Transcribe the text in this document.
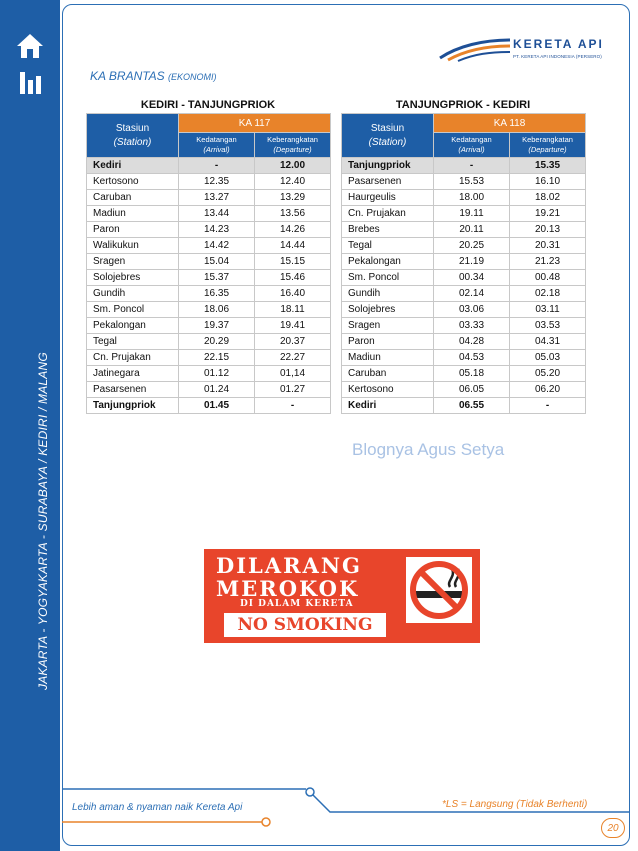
JAKARTA - YOGYAKARTA - SURABAYA / KEDIRI / MALANG
KA BRANTAS (EKONOMI)
KERETA API
PT. KERETA API INDONESIA (PERSERO)
KEDIRI - TANJUNGPRIOK
Stasiun
(Station)	KA 117	
	Kedatangan
(Arrival)	Keberangkatan
(Departure)
Kediri	-	12.00
Kertosono	12.35	12.40
Caruban	13.27	13.29
Madiun	13.44	13.56
Paron	14.23	14.26
Walikukun	14.42	14.44
Sragen	15.04	15.15
Solojebres	15.37	15.46
Gundih	16.35	16.40
Sm. Poncol	18.06	18.11
Pekalongan	19.37	19.41
Tegal	20.29	20.37
Cn. Prujakan	22.15	22.27
Jatinegara	01.12	01,14
Pasarsenen	01.24	01.27
Tanjungpriok	01.45	-
TANJUNGPRIOK - KEDIRI
Stasiun
(Station)	KA 118	
	Kedatangan
(Arrival)	Keberangkatan
(Departure)
Tanjungpriok	-	15.35
Pasarsenen	15.53	16.10
Haurgeulis	18.00	18.02
Cn. Prujakan	19.11	19.21
Brebes	20.11	20.13
Tegal	20.25	20.31
Pekalongan	21.19	21.23
Sm. Poncol	00.34	00.48
Gundih	02.14	02.18
Solojebres	03.06	03.11
Sragen	03.33	03.53
Paron	04.28	04.31
Madiun	04.53	05.03
Caruban	05.18	05.20
Kertosono	06.05	06.20
Kediri	06.55	-
Blognya Agus Setya
DILARANG
MEROKOK
DI DALAM KERETA
NO SMOKING
Lebih aman & nyaman naik Kereta Api	*LS = Langsung (Tidak Berhenti)
20
